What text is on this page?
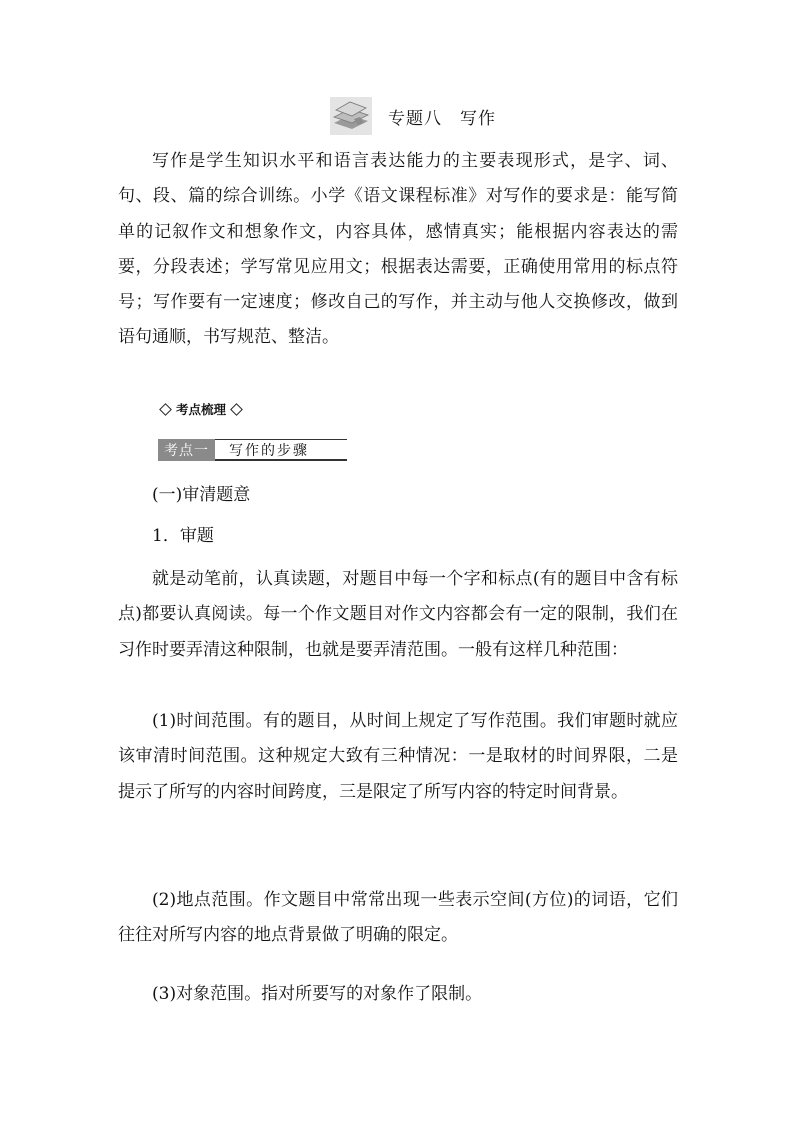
专题八　写作

写作是学生知识水平和语言表达能力的主要表现形式，是字、词、句、段、篇的综合训练。小学《语文课程标准》对写作的要求是：能写简单的记叙作文和想象作文，内容具体，感情真实；能根据内容表达的需要，分段表述；学写常见应用文；根据表达需要，正确使用常用的标点符号；写作要有一定速度；修改自己的写作，并主动与他人交换修改，做到语句通顺，书写规范、整洁。

考点梳理
考点一	写作的步骤

(一)审清题意

1．审题

就是动笔前，认真读题，对题目中每一个字和标点(有的题目中含有标点)都要认真阅读。每一个作文题目对作文内容都会有一定的限制，我们在习作时要弄清这种限制，也就是要弄清范围。一般有这样几种范围：

(1)时间范围。有的题目，从时间上规定了写作范围。我们审题时就应该审清时间范围。这种规定大致有三种情况：一是取材的时间界限，二是提示了所写的内容时间跨度，三是限定了所写内容的特定时间背景。

(2)地点范围。作文题目中常常出现一些表示空间(方位)的词语，它们往往对所写内容的地点背景做了明确的限定。

(3)对象范围。指对所要写的对象作了限制。
